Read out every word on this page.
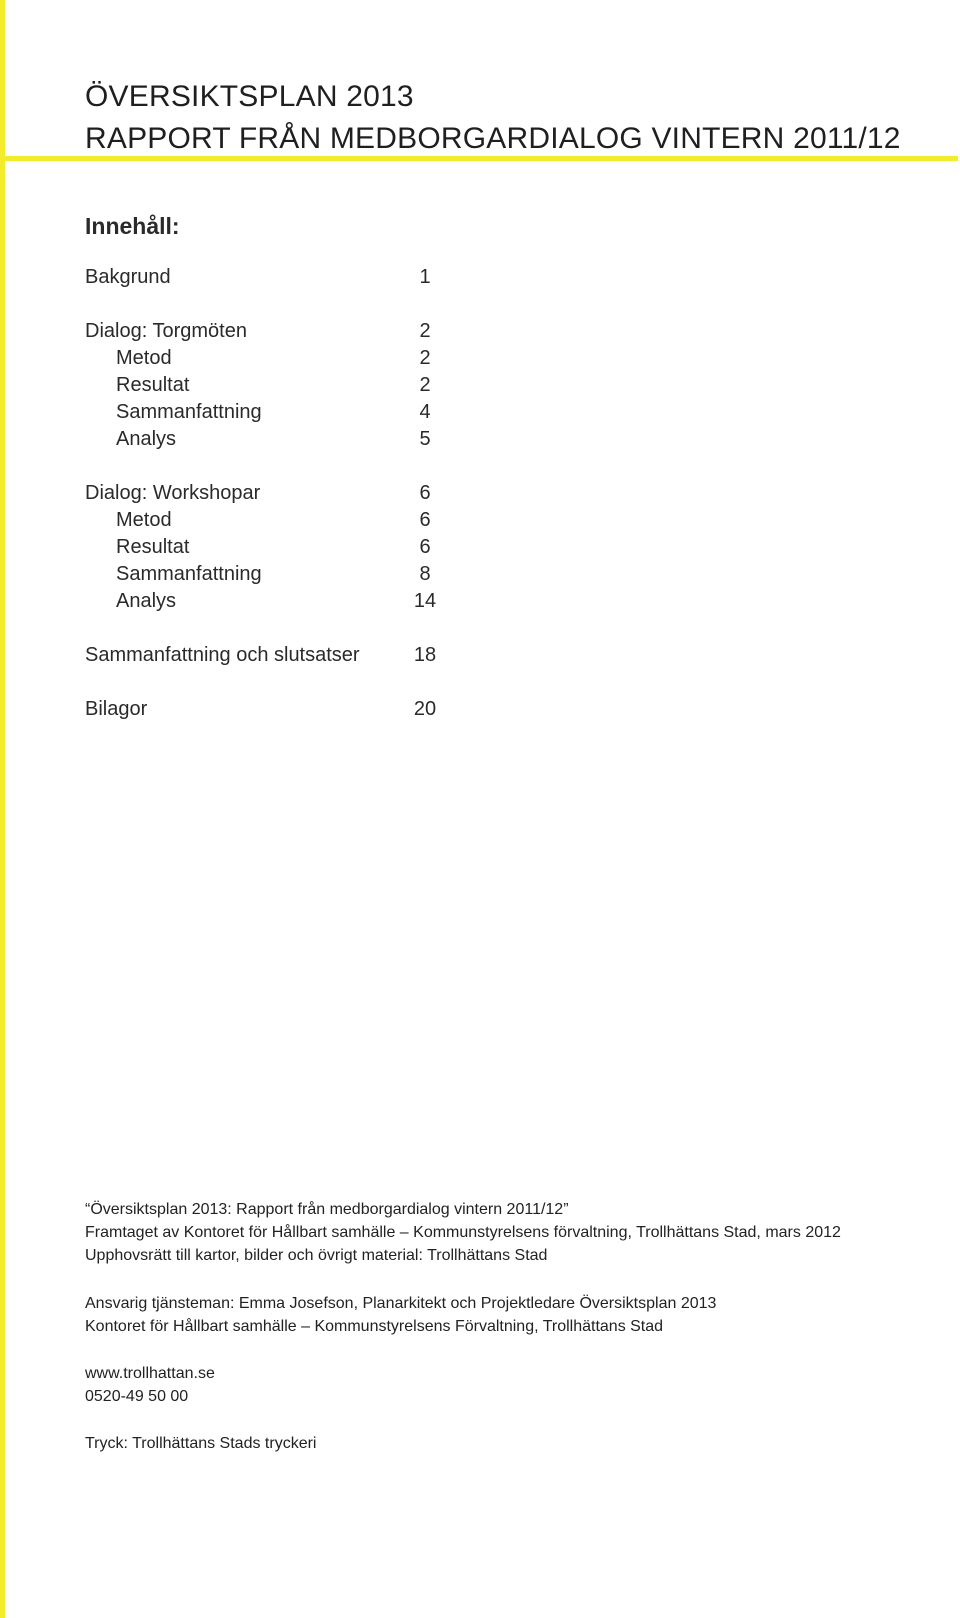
ÖVERSIKTSPLAN 2013
RAPPORT FRÅN MEDBORGARDIALOG VINTERN 2011/12
Innehåll:
Bakgrund	1
Dialog: Torgmöten	2
Metod	2
Resultat	2
Sammanfattning	4
Analys	5
Dialog: Workshopar	6
Metod	6
Resultat	6
Sammanfattning	8
Analys	14
Sammanfattning och slutsatser	18
Bilagor	20
“Översiktsplan 2013: Rapport från medborgardialog vintern 2011/12”
Framtaget av Kontoret för Hållbart samhälle – Kommunstyrelsens förvaltning, Trollhättans Stad, mars 2012
Upphovsrätt till kartor, bilder och övrigt material: Trollhättans Stad
Ansvarig tjänsteman: Emma Josefson, Planarkitekt och Projektledare Översiktsplan 2013
Kontoret för Hållbart samhälle – Kommunstyrelsens Förvaltning, Trollhättans Stad
www.trollhattan.se
0520-49 50 00
Tryck: Trollhättans Stads tryckeri
